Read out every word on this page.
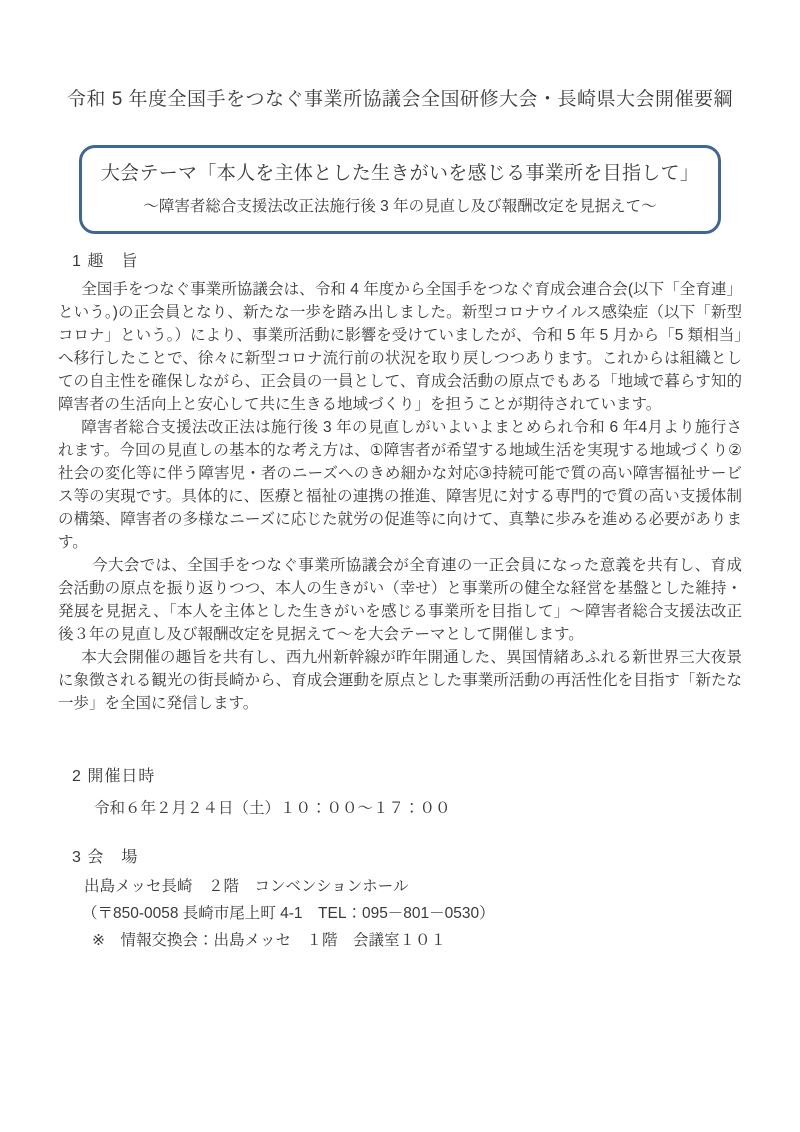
令和 5 年度全国手をつなぐ事業所協議会全国研修大会・長崎県大会開催要綱
大会テーマ「本人を主体とした生きがいを感じる事業所を目指して」
～障害者総合支援法改正法施行後 3 年の見直し及び報酬改定を見据えて～
1 趣　旨

全国手をつなぐ事業所協議会は、令和 4 年度から全国手をつなぐ育成会連合会(以下「全育連」という。)の正会員となり、新たな一歩を踏み出しました。新型コロナウイルス感染症（以下「新型コロナ」という。）により、事業所活動に影響を受けていましたが、令和 5 年 5 月から「5 類相当」へ移行したことで、徐々に新型コロナ流行前の状況を取り戻しつつあります。これからは組織としての自主性を確保しながら、正会員の一員として、育成会活動の原点でもある「地域で暮らす知的障害者の生活向上と安心して共に生きる地域づくり」を担うことが期待されています。

障害者総合支援法改正法は施行後 3 年の見直しがいよいよまとめられ令和 6 年4月より施行されます。今回の見直しの基本的な考え方は、①障害者が希望する地域生活を実現する地域づくり②社会の変化等に伴う障害児・者のニーズへのきめ細かな対応③持続可能で質の高い障害福祉サービス等の実現です。具体的に、医療と福祉の連携の推進、障害児に対する専門的で質の高い支援体制の構築、障害者の多様なニーズに応じた就労の促進等に向けて、真摯に歩みを進める必要があります。

今大会では、全国手をつなぐ事業所協議会が全育連の一正会員になった意義を共有し、育成会活動の原点を振り返りつつ、本人の生きがい（幸せ）と事業所の健全な経営を基盤とした維持・発展を見据え、「本人を主体とした生きがいを感じる事業所を目指して」～障害者総合支援法改正後３年の見直し及び報酬改定を見据えて～を大会テーマとして開催します。

本大会開催の趣旨を共有し、西九州新幹線が昨年開通した、異国情緒あふれる新世界三大夜景に象徴される観光の街長崎から、育成会運動を原点とした事業所活動の再活性化を目指す「新たな一歩」を全国に発信します。

2 開催日時
令和６年２月２４日（土）１０：００～１７：００
3 会　場
出島メッセ長崎　２階　コンベンションホール
（〒850-0058 長崎市尾上町 4-1　TEL：095－801－0530）
※　情報交換会：出島メッセ　１階　会議室１０１
